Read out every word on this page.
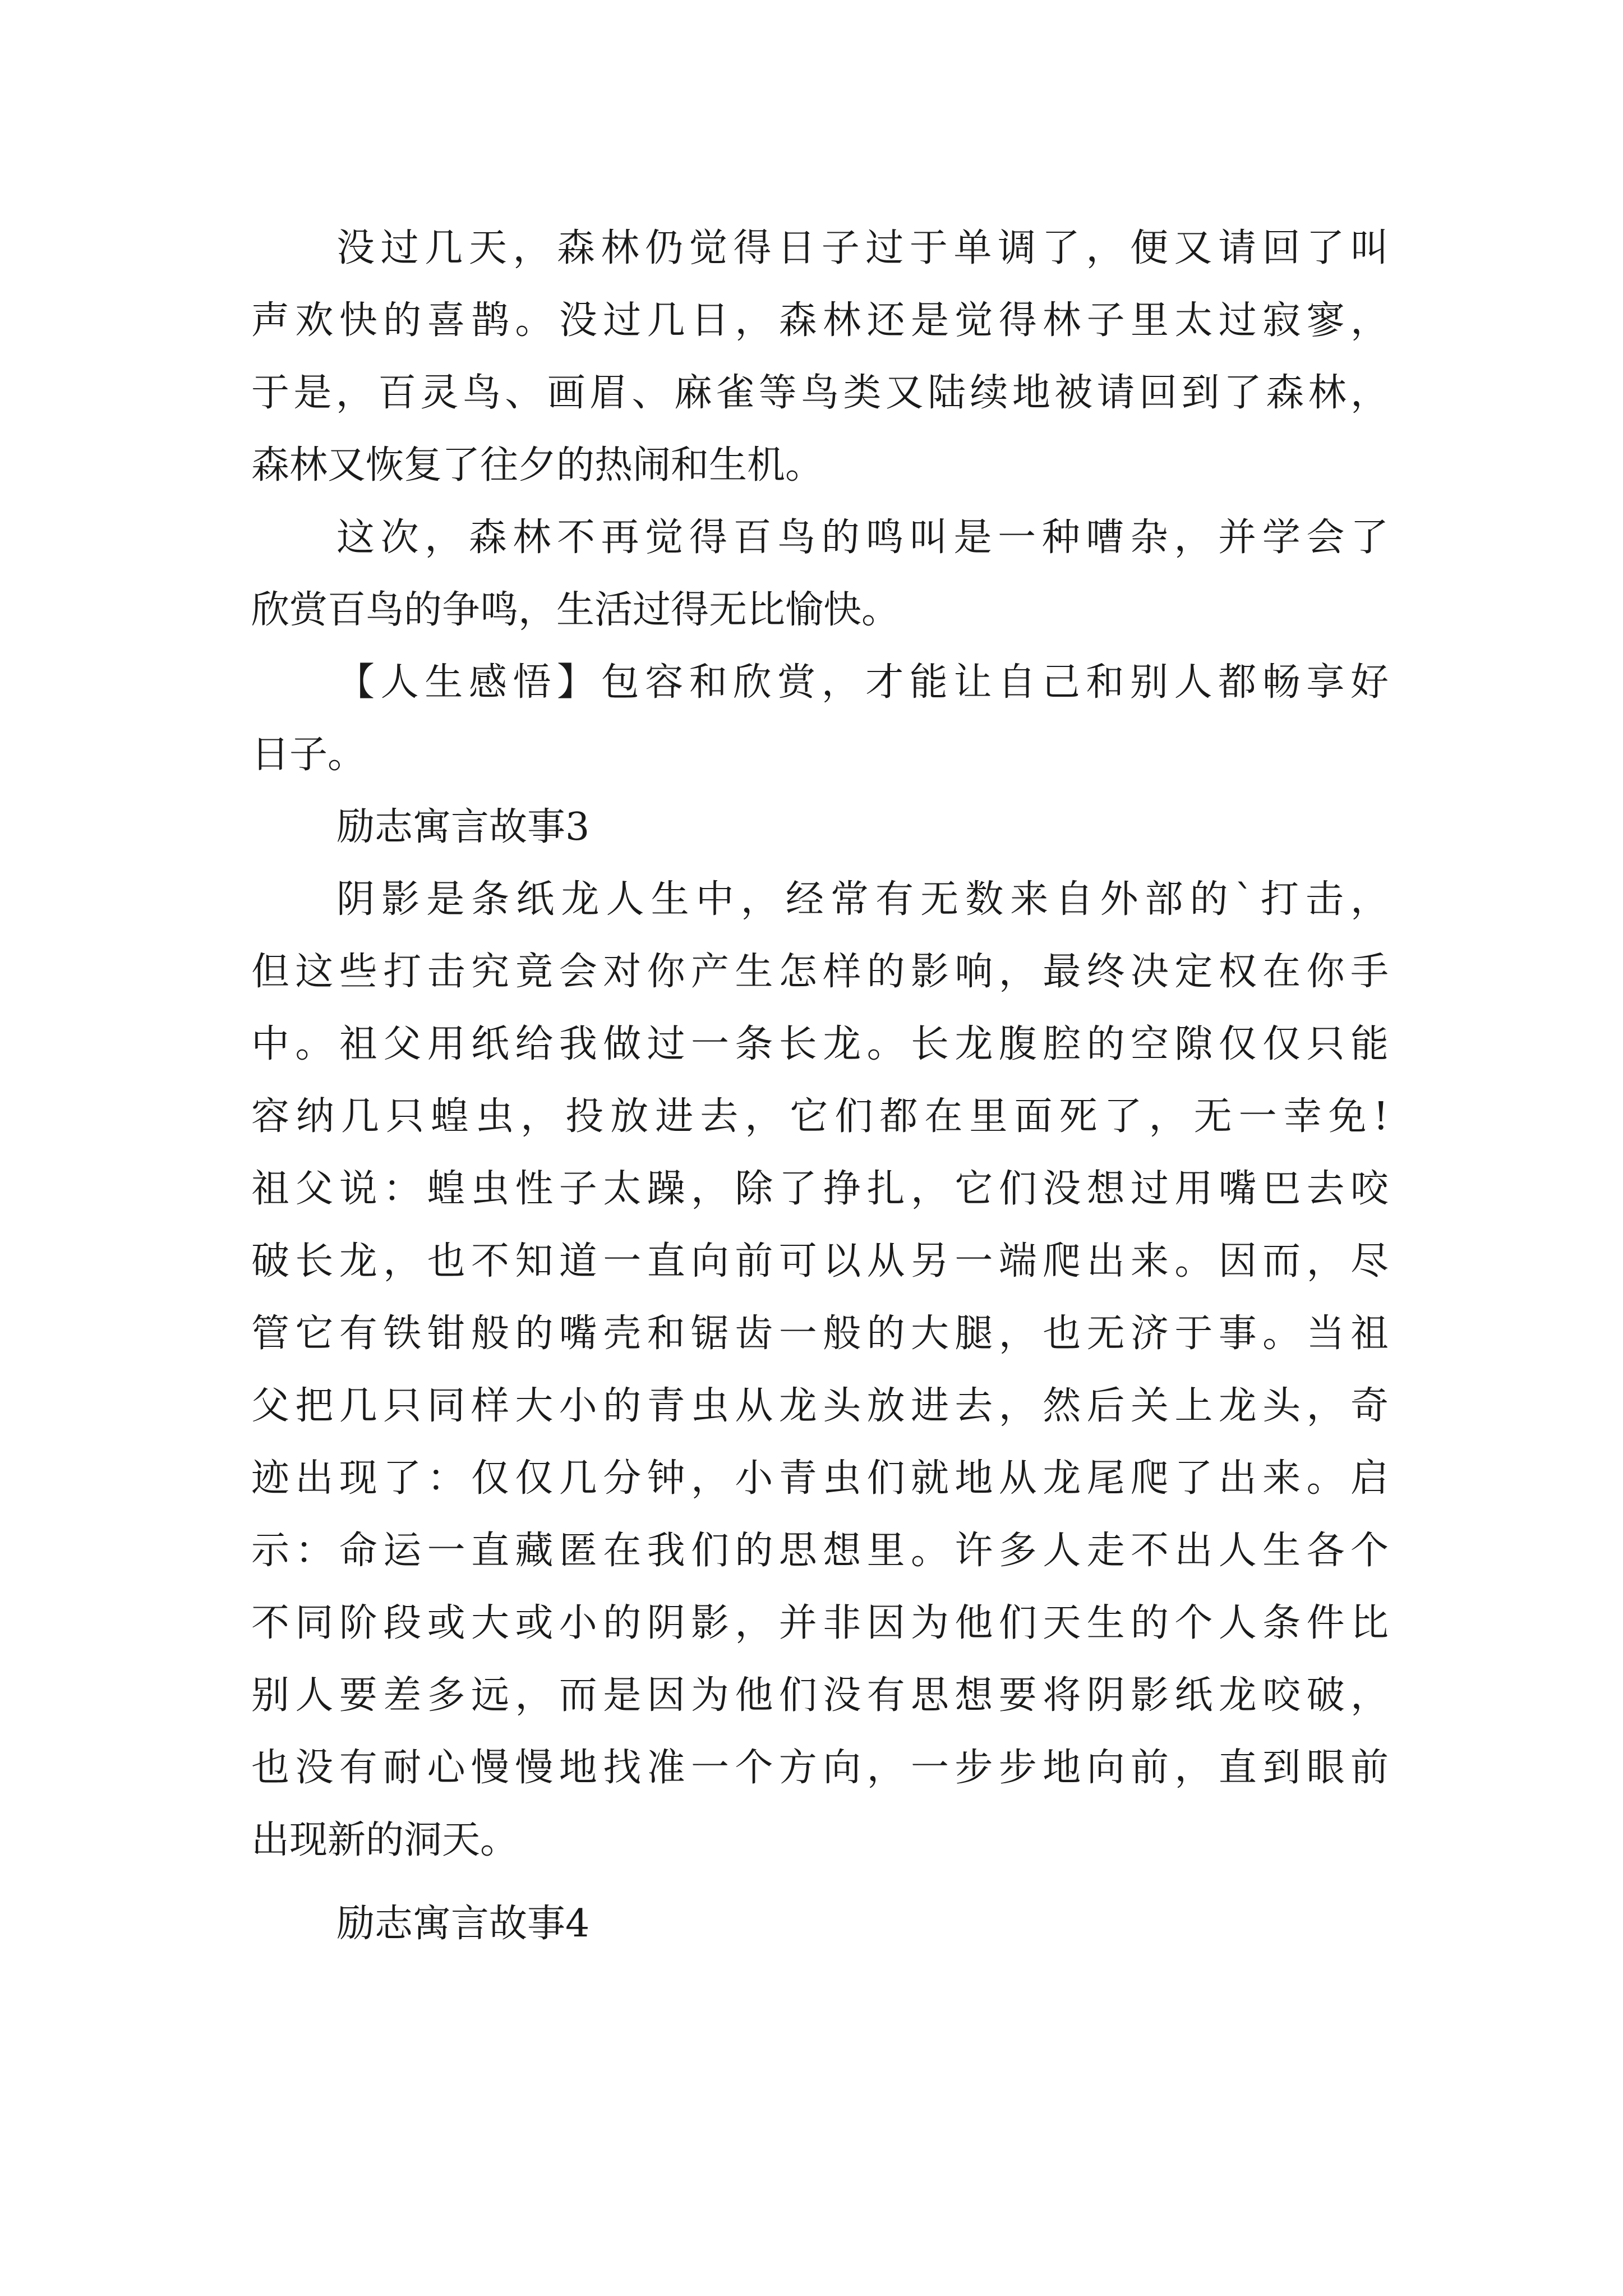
没过几天，森林仍觉得日子过于单调了，便又请回了叫
声欢快的喜鹊。没过几日，森林还是觉得林子里太过寂寥，
于是，百灵鸟、画眉、麻雀等鸟类又陆续地被请回到了森林，
森林又恢复了往夕的热闹和生机。
这次，森林不再觉得百鸟的鸣叫是一种嘈杂，并学会了
欣赏百鸟的争鸣，生活过得无比愉快。
【人生感悟】包容和欣赏，才能让自己和别人都畅享好
日子。
励志寓言故事3
阴影是条纸龙人生中，经常有无数来自外部的`打击，
但这些打击究竟会对你产生怎样的影响，最终决定权在你手
中。祖父用纸给我做过一条长龙。长龙腹腔的空隙仅仅只能
容纳几只蝗虫，投放进去，它们都在里面死了，无一幸免!
祖父说：蝗虫性子太躁，除了挣扎，它们没想过用嘴巴去咬
破长龙，也不知道一直向前可以从另一端爬出来。因而，尽
管它有铁钳般的嘴壳和锯齿一般的大腿，也无济于事。当祖
父把几只同样大小的青虫从龙头放进去，然后关上龙头，奇
迹出现了：仅仅几分钟，小青虫们就地从龙尾爬了出来。启
示：命运一直藏匿在我们的思想里。许多人走不出人生各个
不同阶段或大或小的阴影，并非因为他们天生的个人条件比
别人要差多远，而是因为他们没有思想要将阴影纸龙咬破，
也没有耐心慢慢地找准一个方向，一步步地向前，直到眼前
出现新的洞天。
励志寓言故事4
